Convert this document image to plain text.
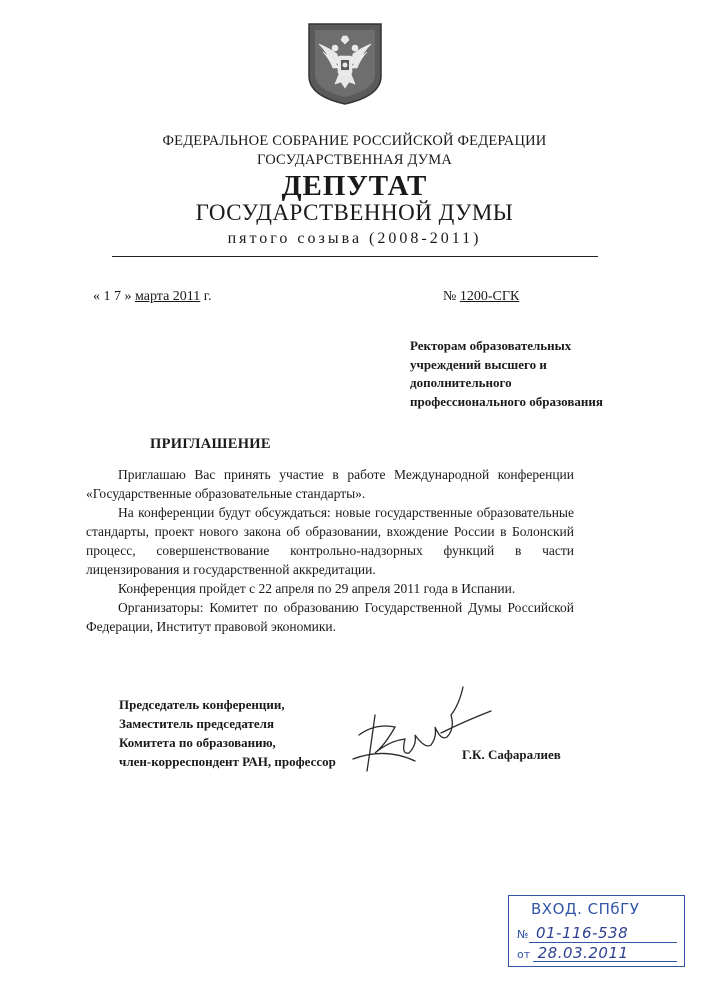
ФЕДЕРАЛЬНОЕ СОБРАНИЕ РОССИЙСКОЙ ФЕДЕРАЦИИ
ГОСУДАРСТВЕННАЯ ДУМА
ДЕПУТАТ
ГОСУДАРСТВЕННОЙ ДУМЫ
пятого созыва (2008-2011)
« 1 7 » марта 2011 г.	№ 1200-СГК
Ректорам образовательных
учреждений высшего и
дополнительного
профессионального образования
ПРИГЛАШЕНИЕ

Приглашаю Вас принять участие в работе Международной конференции «Государственные образовательные стандарты».

На конференции будут обсуждаться: новые государственные образовательные стандарты, проект нового закона об образовании, вхождение России в Болонский процесс, совершенствование контрольно-надзорных функций в части лицензирования и государственной аккредитации.

Конференция пройдет с 22 апреля по 29 апреля 2011 года в Испании.

Организаторы: Комитет по образованию Государственной Думы Российской Федерации, Институт правовой экономики.

Председатель конференции,
Заместитель председателя
Комитета по образованию,
член-корреспондент РАН, профессор	Г.К. Сафаралиев
ВХОД. СПбГУ
№ 01-116-538
от 28.03.2011
